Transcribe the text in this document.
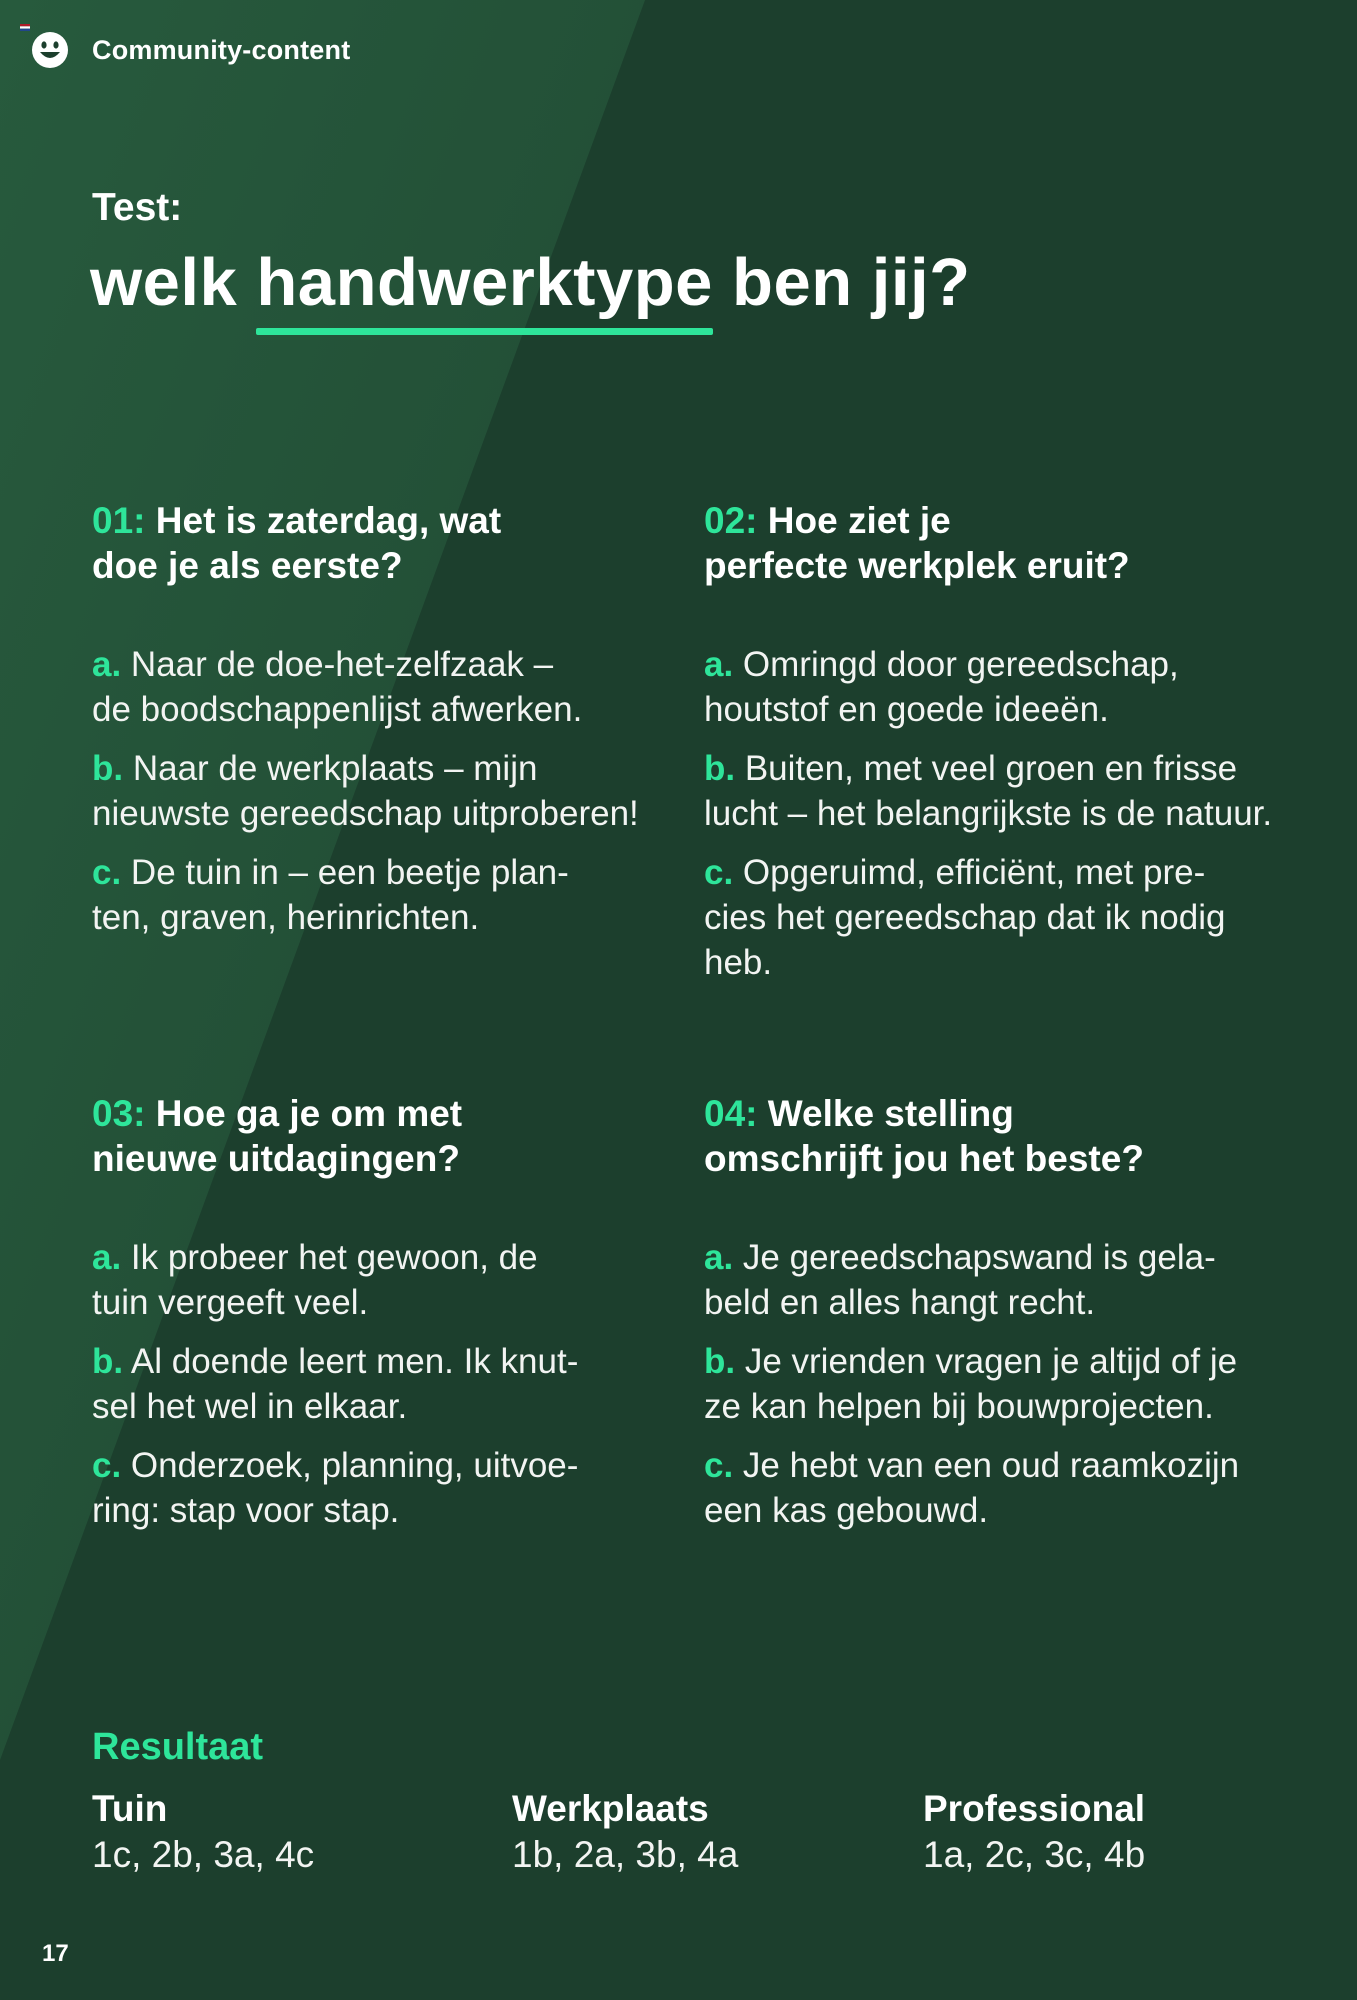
Community-content
Test:
welk handwerktype ben jij?
01: Het is zaterdag, wat
doe je als eerste?
a. Naar de doe-het-zelfzaak –
de boodschappenlijst afwerken.
b. Naar de werkplaats – mijn
nieuwste gereedschap uitproberen!
c. De tuin in – een beetje plan-
ten, graven, herinrichten.
02: Hoe ziet je
perfecte werkplek eruit?
a. Omringd door gereedschap,
houtstof en goede ideeën.
b. Buiten, met veel groen en frisse
lucht – het belangrijkste is de natuur.
c. Opgeruimd, efficiënt, met pre-
cies het gereedschap dat ik nodig
heb.
03: Hoe ga je om met
nieuwe uitdagingen?
a. Ik probeer het gewoon, de
tuin vergeeft veel.
b. Al doende leert men. Ik knut-
sel het wel in elkaar.
c. Onderzoek, planning, uitvoe-
ring: stap voor stap.
04: Welke stelling
omschrijft jou het beste?
a. Je gereedschapswand is gela-
beld en alles hangt recht.
b. Je vrienden vragen je altijd of je
ze kan helpen bij bouwprojecten.
c. Je hebt van een oud raamkozijn
een kas gebouwd.
Resultaat
Tuin
1c, 2b, 3a, 4c
Werkplaats
1b, 2a, 3b, 4a
Professional
1a, 2c, 3c, 4b
17
